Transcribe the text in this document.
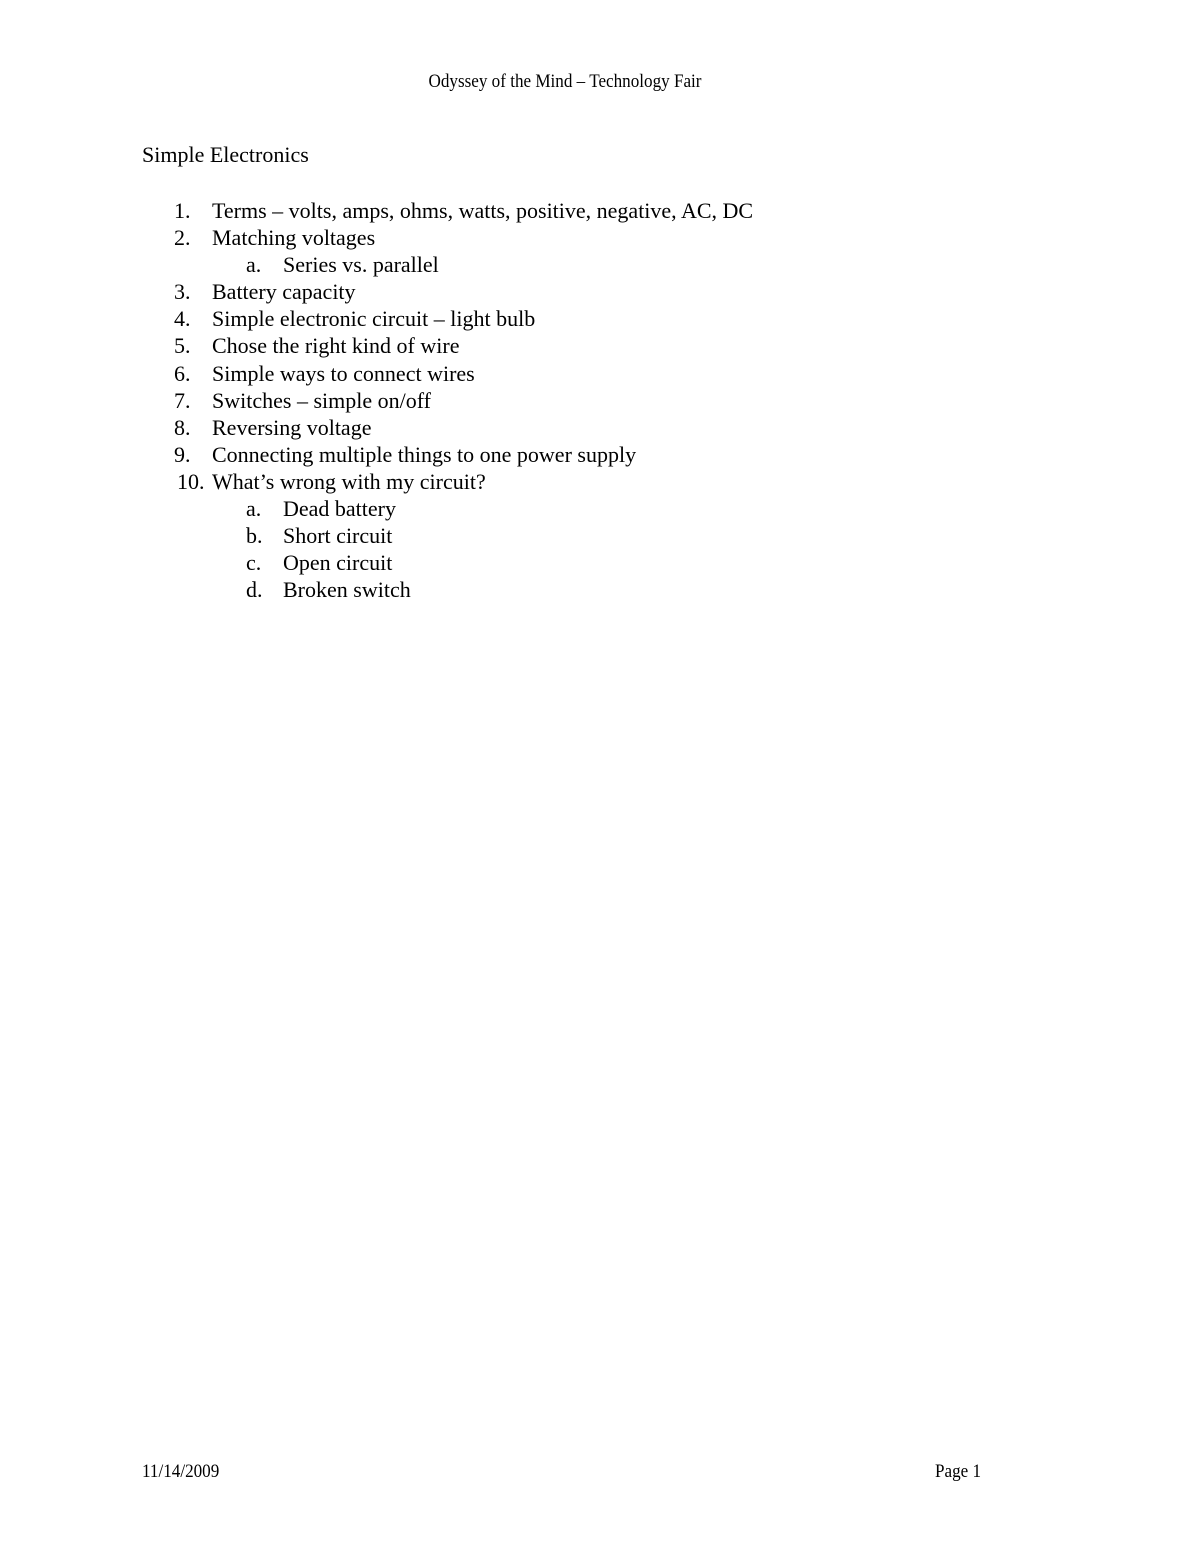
Odyssey of the Mind – Technology Fair
Simple Electronics
1. Terms – volts, amps, ohms, watts, positive, negative, AC, DC
2. Matching voltages
a. Series vs. parallel
3. Battery capacity
4. Simple electronic circuit – light bulb
5. Chose the right kind of wire
6. Simple ways to connect wires
7. Switches – simple on/off
8. Reversing voltage
9. Connecting multiple things to one power supply
10. What’s wrong with my circuit?
a. Dead battery
b. Short circuit
c. Open circuit
d. Broken switch
11/14/2009	Page 1
